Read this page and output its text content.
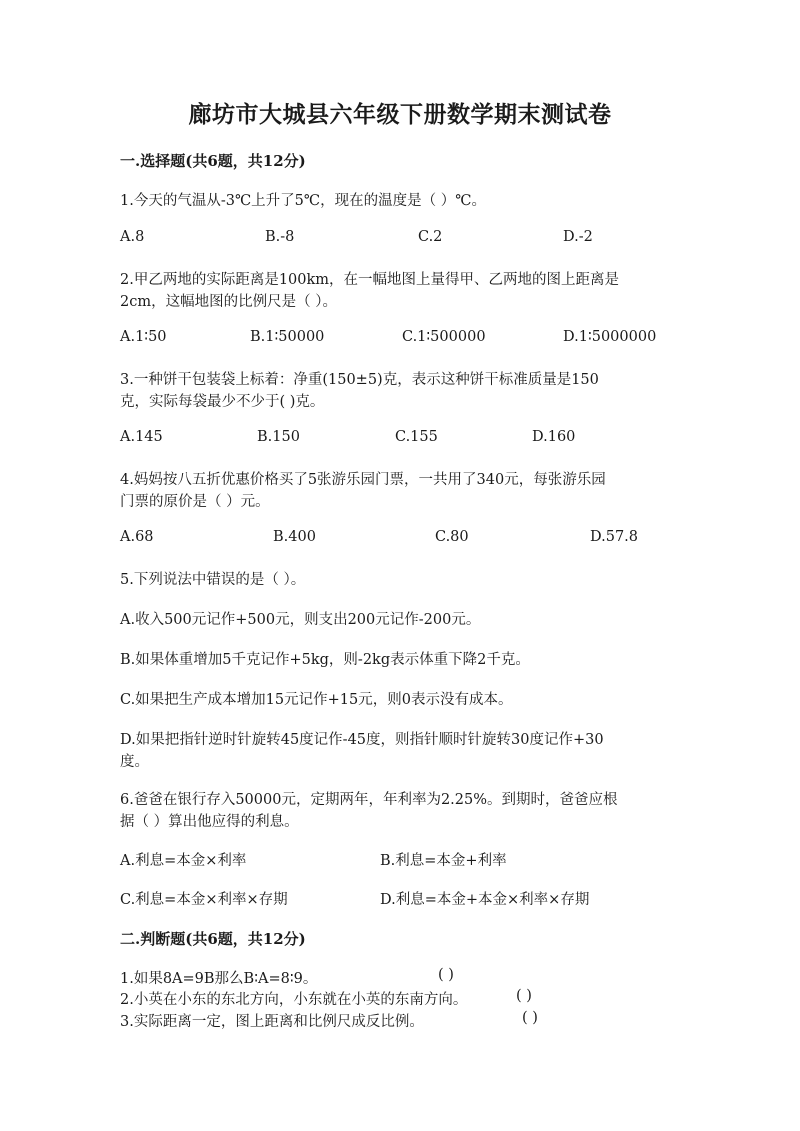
廊坊市大城县六年级下册数学期末测试卷
一.选择题(共6题，共12分)
1.今天的气温从-3℃上升了5℃，现在的温度是（ ）℃。
A.8	B.-8	C.2	D.-2
2.甲乙两地的实际距离是100km，在一幅地图上量得甲、乙两地的图上距离是
2cm，这幅地图的比例尺是（ ）。
A.1∶50	B.1∶50000	C.1∶500000	D.1∶5000000
3.一种饼干包装袋上标着：净重(150±5)克，表示这种饼干标准质量是150
克，实际每袋最少不少于( )克。
A.145	B.150	C.155	D.160
4.妈妈按八五折优惠价格买了5张游乐园门票，一共用了340元，每张游乐园
门票的原价是（ ）元。
A.68	B.400	C.80	D.57.8
5.下列说法中错误的是（ ）。
A.收入500元记作+500元，则支出200元记作-200元。
B.如果体重增加5千克记作+5kg，则-2kg表示体重下降2千克。
C.如果把生产成本增加15元记作+15元，则0表示没有成本。
D.如果把指针逆时针旋转45度记作-45度，则指针顺时针旋转30度记作+30
度。
6.爸爸在银行存入50000元，定期两年，年利率为2.25%。到期时，爸爸应根
据（ ）算出他应得的利息。
A.利息=本金×利率	B.利息=本金+利率
C.利息=本金×利率×存期	D.利息=本金+本金×利率×存期
二.判断题(共6题，共12分)
1.如果8A=9B那么B∶A=8∶9。	( )
2.小英在小东的东北方向，小东就在小英的东南方向。	( )
3.实际距离一定，图上距离和比例尺成反比例。	( )
